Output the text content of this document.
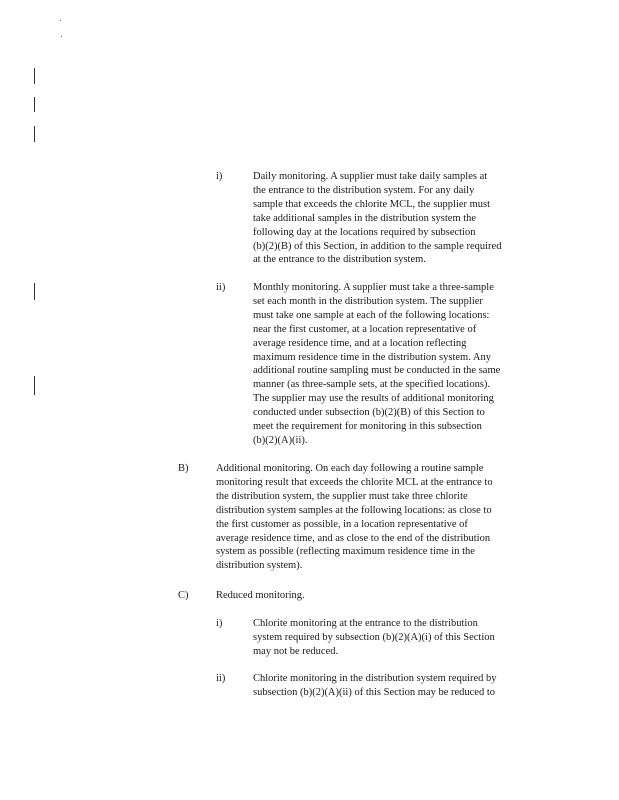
i)	Daily monitoring. A supplier must take daily samples at
the entrance to the distribution system. For any daily
sample that exceeds the chlorite MCL, the supplier must
take additional samples in the distribution system the
following day at the locations required by subsection
(b)(2)(B) of this Section, in addition to the sample required
at the entrance to the distribution system.
ii)	Monthly monitoring. A supplier must take a three-sample
set each month in the distribution system. The supplier
must take one sample at each of the following locations:
near the first customer, at a location representative of
average residence time, and at a location reflecting
maximum residence time in the distribution system. Any
additional routine sampling must be conducted in the same
manner (as three-sample sets, at the specified locations).
The supplier may use the results of additional monitoring
conducted under subsection (b)(2)(B) of this Section to
meet the requirement for monitoring in this subsection
(b)(2)(A)(ii).
B)	Additional monitoring. On each day following a routine sample
monitoring result that exceeds the chlorite MCL at the entrance to
the distribution system, the supplier must take three chlorite
distribution system samples at the following locations: as close to
the first customer as possible, in a location representative of
average residence time, and as close to the end of the distribution
system as possible (reflecting maximum residence time in the
distribution system).
C)	Reduced monitoring.
i)	Chlorite monitoring at the entrance to the distribution
system required by subsection (b)(2)(A)(i) of this Section
may not be reduced.
ii)	Chlorite monitoring in the distribution system required by
subsection (b)(2)(A)(ii) of this Section may be reduced to
